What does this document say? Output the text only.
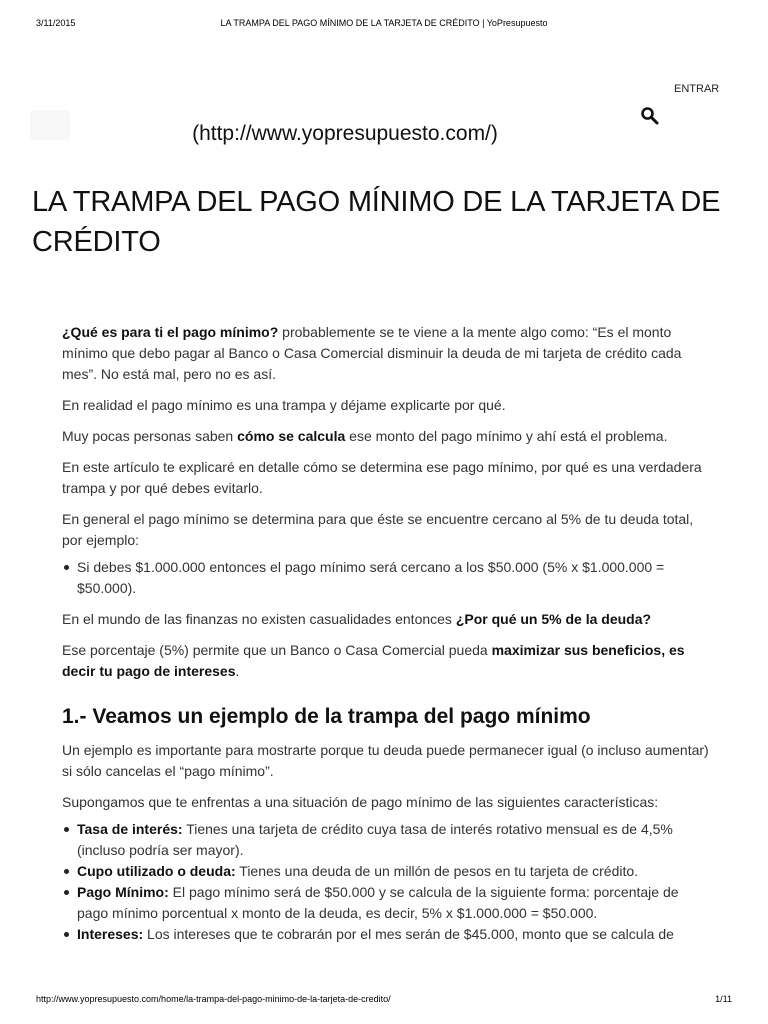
3/11/2015	LA TRAMPA DEL PAGO MÍNIMO DE LA TARJETA DE CRÉDITO | YoPresupuesto
ENTRAR
(http://www.yopresupuesto.com/)
LA TRAMPA DEL PAGO MÍNIMO DE LA TARJETA DE CRÉDITO

¿Qué es para ti el pago mínimo? probablemente se te viene a la mente algo como: “Es el monto mínimo que debo pagar al Banco o Casa Comercial disminuir la deuda de mi tarjeta de crédito cada mes”. No está mal, pero no es así.

En realidad el pago mínimo es una trampa y déjame explicarte por qué.

Muy pocas personas saben cómo se calcula ese monto del pago mínimo y ahí está el problema.

En este artículo te explicaré en detalle cómo se determina ese pago mínimo, por qué es una verdadera trampa y por qué debes evitarlo.

En general el pago mínimo se determina para que éste se encuentre cercano al 5% de tu deuda total, por ejemplo:

Si debes $1.000.000 entonces el pago mínimo será cercano a los $50.000 (5% x $1.000.000 = $50.000).

En el mundo de las finanzas no existen casualidades entonces ¿Por qué un 5% de la deuda?

Ese porcentaje (5%) permite que un Banco o Casa Comercial pueda maximizar sus beneficios, es decir tu pago de intereses.

1.- Veamos un ejemplo de la trampa del pago mínimo

Un ejemplo es importante para mostrarte porque tu deuda puede permanecer igual (o incluso aumentar) si sólo cancelas el “pago mínimo”.

Supongamos que te enfrentas a una situación de pago mínimo de las siguientes características:

Tasa de interés: Tienes una tarjeta de crédito cuya tasa de interés rotativo mensual es de 4,5% (incluso podría ser mayor).
Cupo utilizado o deuda: Tienes una deuda de un millón de pesos en tu tarjeta de crédito.
Pago Mínimo: El pago mínimo será de $50.000 y se calcula de la siguiente forma: porcentaje de pago mínimo porcentual x monto de la deuda, es decir, 5% x $1.000.000 = $50.000.
Intereses: Los intereses que te cobrarán por el mes serán de $45.000, monto que se calcula de
http://www.yopresupuesto.com/home/la-trampa-del-pago-minimo-de-la-tarjeta-de-credito/	1/11
